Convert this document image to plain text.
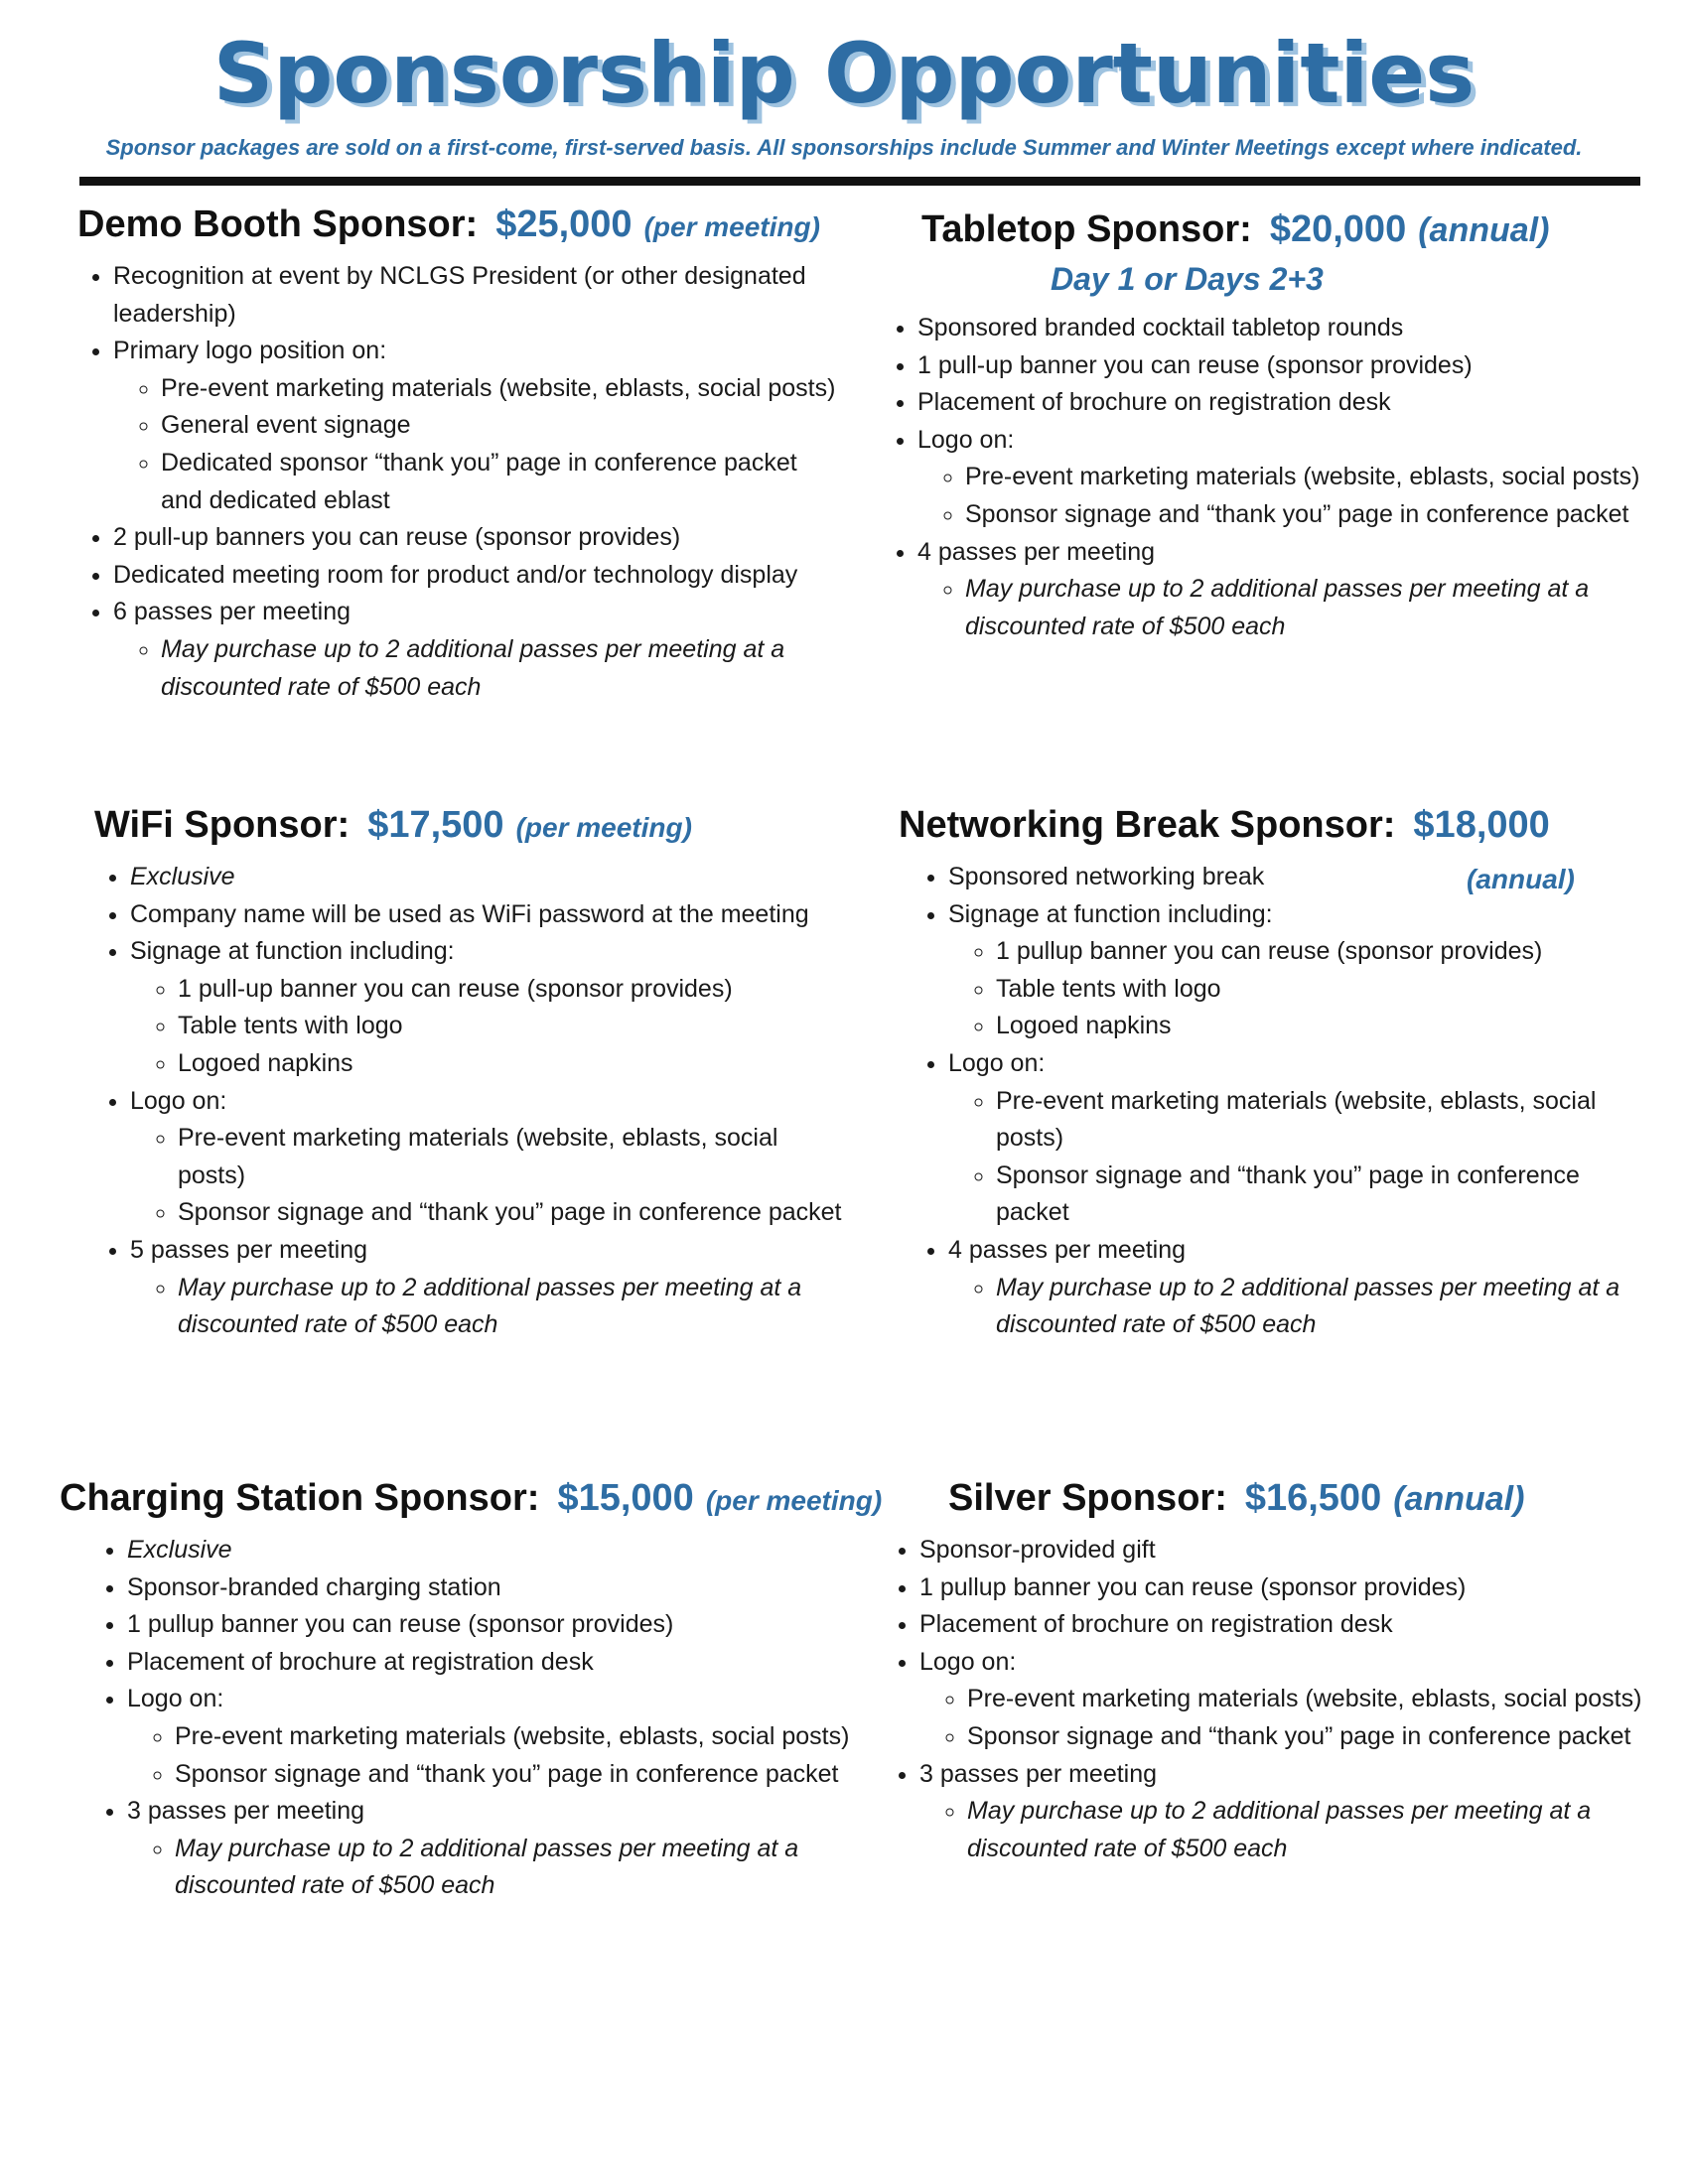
Sponsorship Opportunities
Sponsor packages are sold on a first-come, first-served basis. All sponsorships include Summer and Winter Meetings except where indicated.
Demo Booth Sponsor: $25,000 (per meeting)
• Recognition at event by NCLGS President (or other designated leadership)
• Primary logo position on:
◦ Pre-event marketing materials (website, eblasts, social posts)
◦ General event signage
◦ Dedicated sponsor “thank you” page in conference packet and dedicated eblast
• 2 pull-up banners you can reuse (sponsor provides)
• Dedicated meeting room for product and/or technology display
• 6 passes per meeting
◦ May purchase up to 2 additional passes per meeting at a discounted rate of $500 each
Tabletop Sponsor: $20,000 (annual)
Day 1 or Days 2+3
• Sponsored branded cocktail tabletop rounds
• 1 pull-up banner you can reuse (sponsor provides)
• Placement of brochure on registration desk
• Logo on:
◦ Pre-event marketing materials (website, eblasts, social posts)
◦ Sponsor signage and “thank you” page in conference packet
• 4 passes per meeting
◦ May purchase up to 2 additional passes per meeting at a discounted rate of $500 each
WiFi Sponsor: $17,500 (per meeting)
• Exclusive
• Company name will be used as WiFi password at the meeting
• Signage at function including:
◦ 1 pull-up banner you can reuse (sponsor provides)
◦ Table tents with logo
◦ Logoed napkins
• Logo on:
◦ Pre-event marketing materials (website, eblasts, social posts)
◦ Sponsor signage and “thank you” page in conference packet
• 5 passes per meeting
◦ May purchase up to 2 additional passes per meeting at a discounted rate of $500 each
Networking Break Sponsor: $18,000
(annual)
• Sponsored networking break
• Signage at function including:
◦ 1 pullup banner you can reuse (sponsor provides)
◦ Table tents with logo
◦ Logoed napkins
• Logo on:
◦ Pre-event marketing materials (website, eblasts, social posts)
◦ Sponsor signage and “thank you” page in conference packet
• 4 passes per meeting
◦ May purchase up to 2 additional passes per meeting at a discounted rate of $500 each
Charging Station Sponsor: $15,000 (per meeting)
• Exclusive
• Sponsor-branded charging station
• 1 pullup banner you can reuse (sponsor provides)
• Placement of brochure at registration desk
• Logo on:
◦ Pre-event marketing materials (website, eblasts, social posts)
◦ Sponsor signage and “thank you” page in conference packet
• 3 passes per meeting
◦ May purchase up to 2 additional passes per meeting at a discounted rate of $500 each
Silver Sponsor: $16,500 (annual)
• Sponsor-provided gift
• 1 pullup banner you can reuse (sponsor provides)
• Placement of brochure on registration desk
• Logo on:
◦ Pre-event marketing materials (website, eblasts, social posts)
◦ Sponsor signage and “thank you” page in conference packet
• 3 passes per meeting
◦ May purchase up to 2 additional passes per meeting at a discounted rate of $500 each
